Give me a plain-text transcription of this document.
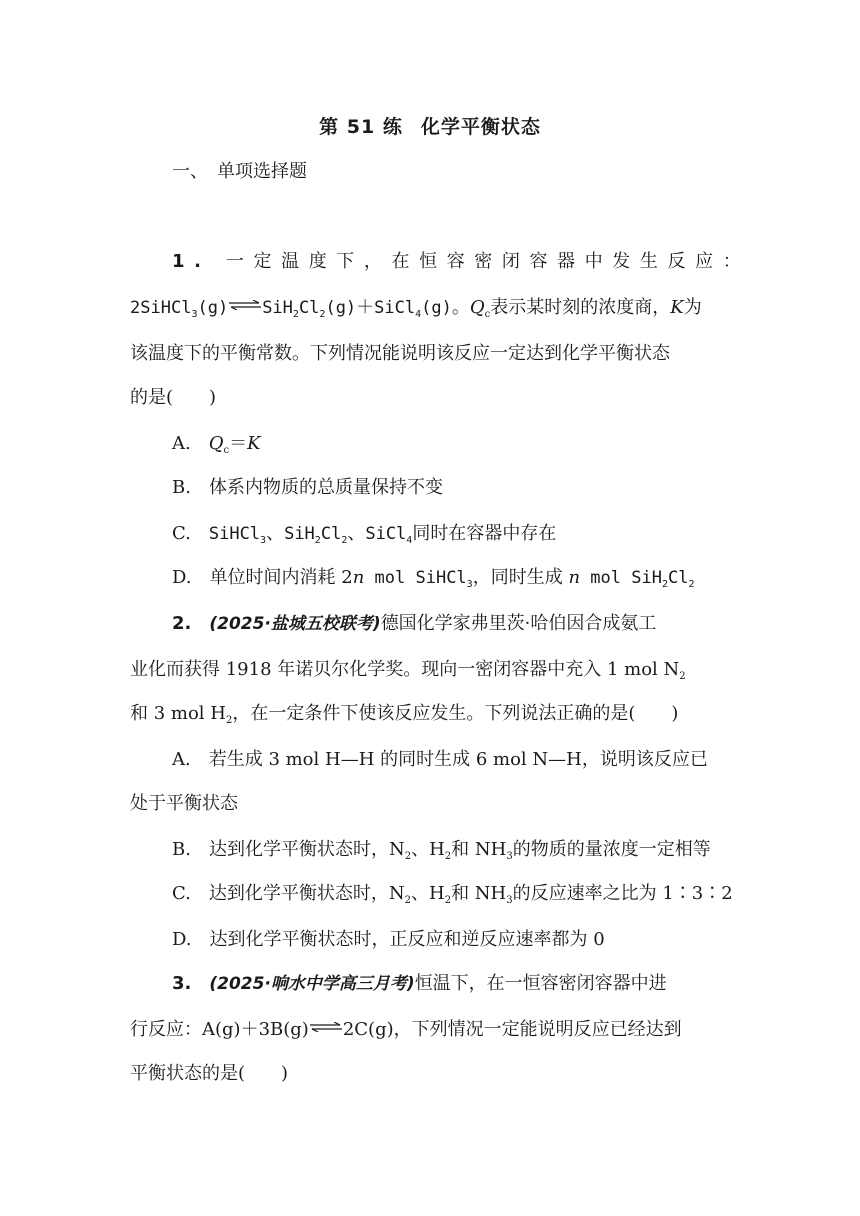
第 51 练 化学平衡状态
一、　 单项选择题
1. 一定温度下，在恒容密闭容器中发生反应：
$2SiHCl_3(g)\rightleftharpoons SiH_2Cl_2(g)+SiCl_4(g)$。$Q_c$表示某时刻的浓度商，K为
该温度下的平衡常数。下列情况能说明该反应一定达到化学平衡状态
的是(　　)
A.　 $Q_c=K$
B.　体系内物质的总质量保持不变
C.　 SiHCl$_3$、$SiH_2Cl_2$、SiCl$_4$同时在容器中存在
D.　 单位时间内消耗 2n mol SiHCl$_3$，同时生成 n mol $SiH_2Cl_2$
2.　 (2025·盐城五校联考)德国化学家弗里茨·哈伯因合成氨工
业化而获得 1918 年诺贝尔化学奖。现向一密闭容器中充入 1 mol $N_2$
和 3 mol $H_2$，在一定条件下使该反应发生。下列说法正确的是(　　)
A.　若生成 3 mol H—H 的同时生成 6 mol N—H，说明该反应已
处于平衡状态
B.　达到化学平衡状态时，$N_2$、$H_2$和 $NH_3$的物质的量浓度一定相等
C.　达到化学平衡状态时，$N_2$、$H_2$和 $NH_3$的反应速率之比为 1∶3∶2
D.　达到化学平衡状态时，正反应和逆反应速率都为 0
3.　 (2025·响水中学高三月考)恒温下，在一恒容密闭容器中进
行反应：A(g)＋3B(g)⇌2C(g)，下列情况一定能说明反应已经达到
平衡状态的是(　　)
